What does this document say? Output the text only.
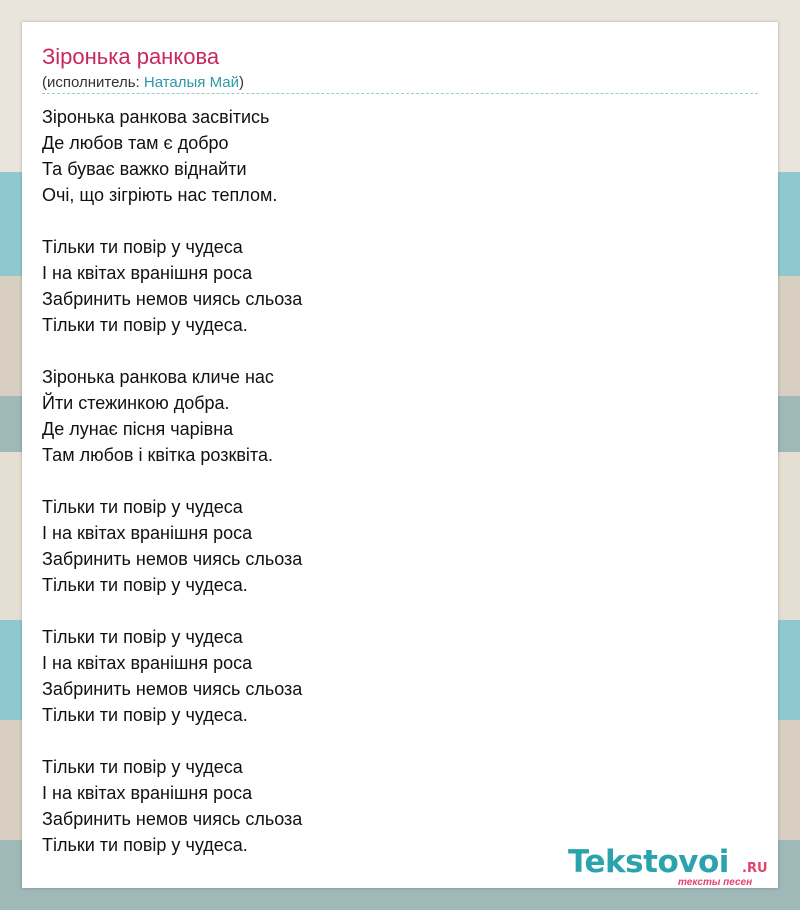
Зіронька ранкова
(исполнитель: Наталыя Май)
Зіронька ранкова засвітись
Де любов там є добро
Та буває важко віднайти
Очі, що зігріють нас теплом.
Тільки ти повір у чудеса
І на квітах вранішня роса
Забринить немов чиясь сльоза
Тільки ти повір у чудеса.
Зіронька ранкова кличе нас
Йти стежинкою добра.
Де лунає пісня чарівна
Там любов і квітка розквіта.
Тільки ти повір у чудеса
І на квітах вранішня роса
Забринить немов чиясь сльоза
Тільки ти повір у чудеса.
Тільки ти повір у чудеса
І на квітах вранішня роса
Забринить немов чиясь сльоза
Тільки ти повір у чудеса.
Тільки ти повір у чудеса
І на квітах вранішня роса
Забринить немов чиясь сльоза
Тільки ти повір у чудеса.	Tekstovoi .RU
тексты песен
